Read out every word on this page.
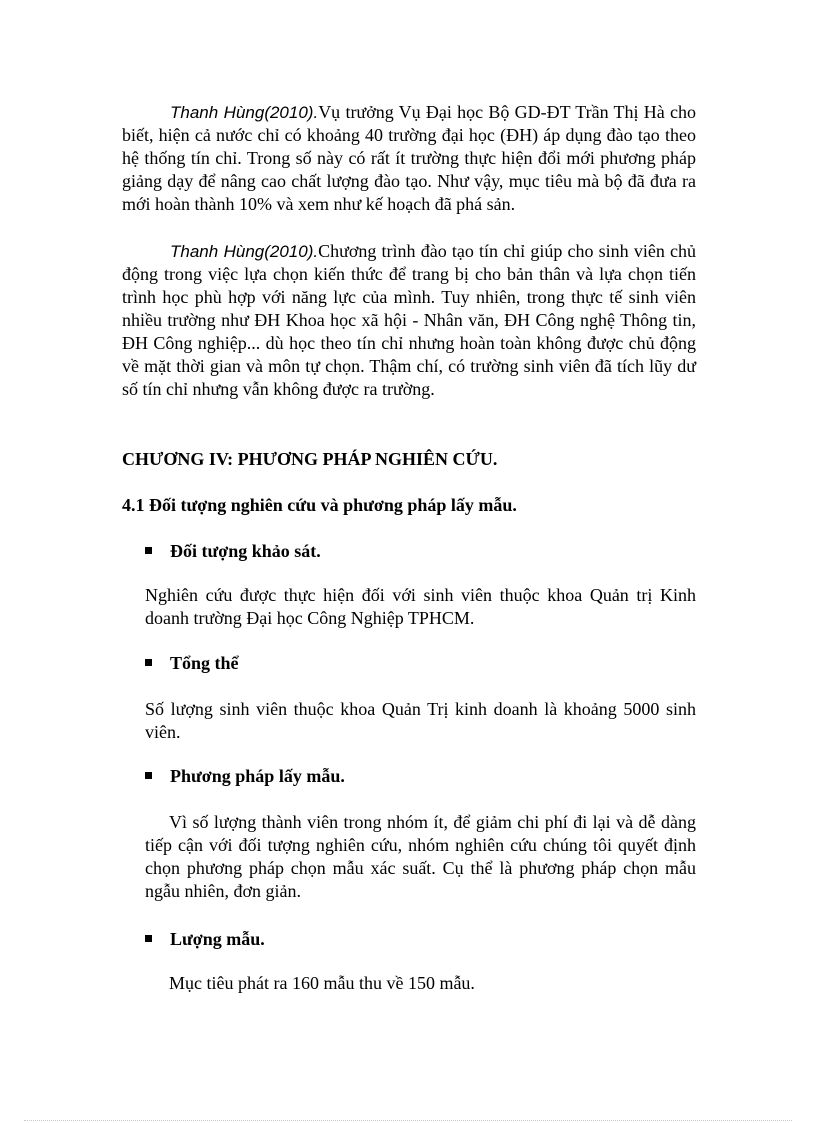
Thanh Hùng(2010).Vụ trưởng Vụ Đại học Bộ GD-ĐT Trần Thị Hà cho biết, hiện cả nước chỉ có khoảng 40 trường đại học (ĐH) áp dụng đào tạo theo hệ thống tín chỉ. Trong số này có rất ít trường thực hiện đổi mới phương pháp giảng dạy để nâng cao chất lượng đào tạo. Như vậy, mục tiêu mà bộ đã đưa ra mới hoàn thành 10% và xem như kế hoạch đã phá sản.

Thanh Hùng(2010).Chương trình đào tạo tín chỉ giúp cho sinh viên chủ động trong việc lựa chọn kiến thức để trang bị cho bản thân và lựa chọn tiến trình học phù hợp với năng lực của mình. Tuy nhiên, trong thực tế sinh viên nhiều trường như ĐH Khoa học xã hội - Nhân văn, ĐH Công nghệ Thông tin, ĐH Công nghiệp... dù học theo tín chỉ nhưng hoàn toàn không được chủ động về mặt thời gian và môn tự chọn. Thậm chí, có trường sinh viên đã tích lũy dư số tín chỉ nhưng vẫn không được ra trường.

CHƯƠNG IV: PHƯƠNG PHÁP NGHIÊN CỨU.
4.1 Đối tượng nghiên cứu và phương pháp lấy mẫu.
Đối tượng khảo sát.
Nghiên cứu được thực hiện đối với sinh viên thuộc khoa Quản trị Kinh doanh trường Đại học Công Nghiệp TPHCM.
Tổng thể
Số lượng sinh viên thuộc khoa Quản Trị kinh doanh là khoảng 5000 sinh viên.
Phương pháp lấy mẫu.
Vì số lượng thành viên trong nhóm ít, để giảm chi phí đi lại và dễ dàng tiếp cận với đối tượng nghiên cứu, nhóm nghiên cứu chúng tôi quyết định chọn phương pháp chọn mẫu xác suất. Cụ thể là phương pháp chọn mẫu ngẫu nhiên, đơn giản.
Lượng mẫu.
Mục tiêu phát ra 160 mẫu thu về 150 mẫu.
